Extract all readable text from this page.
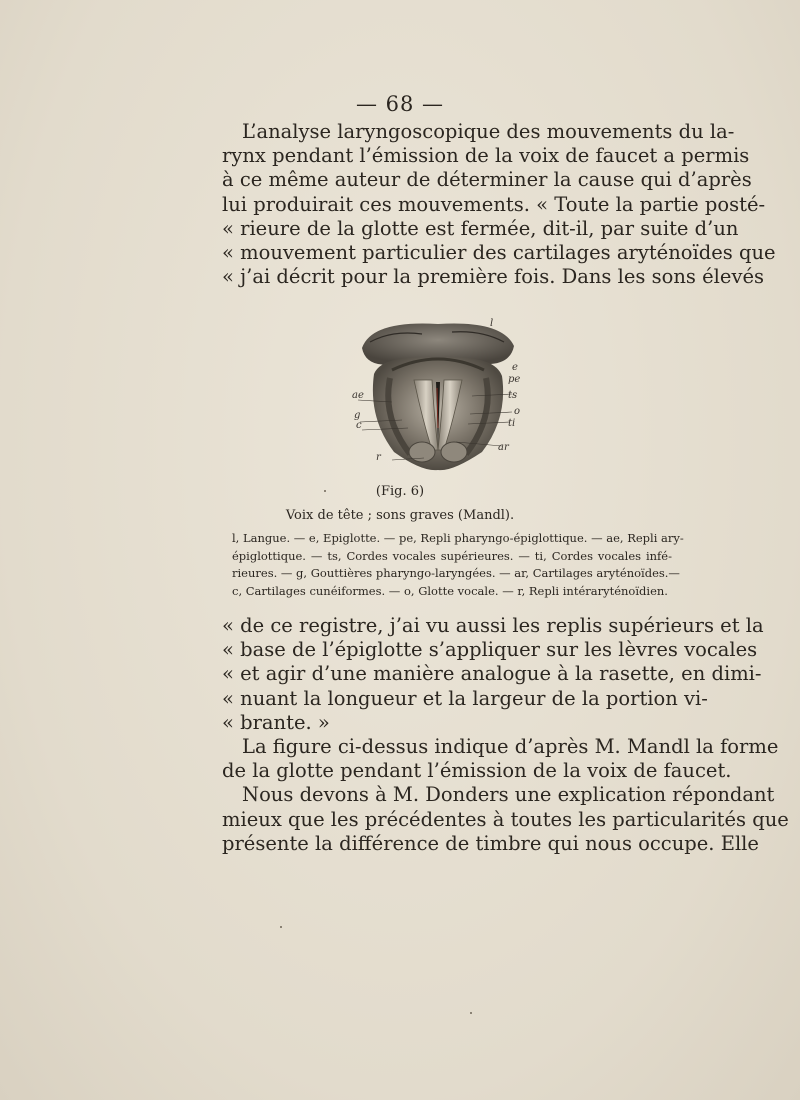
— 68 —
L’analyse laryngoscopique des mouvements du la-
rynx pendant l’émission de la voix de faucet a permis
à ce même auteur de déterminer la cause qui d’après
lui produirait ces mouvements. « Toute la partie posté-
« rieure de la glotte est fermée, dit-il, par suite d’un
« mouvement particulier des cartilages aryténoïdes que
« j’ai décrit pour la première fois. Dans les sons élevés
l
e
pe
ae	ts
g	o
c	ti
ar
r
(Fig. 6)
Voix de tête ; sons graves (Mandl).
l, Langue. — e, Epiglotte. — pe, Repli pharyngo-épiglottique. — ae, Repli ary-
épiglottique. — ts, Cordes vocales supérieures. — ti, Cordes vocales infé-
rieures. — g, Gouttières pharyngo-laryngées. — ar, Cartilages aryténoïdes.—
c, Cartilages cunéiformes. — o, Glotte vocale. — r, Repli intéraryténoïdien.
« de ce registre, j’ai vu aussi les replis supérieurs et la
« base de l’épiglotte s’appliquer sur les lèvres vocales
« et agir d’une manière analogue à la rasette, en dimi-
« nuant la longueur et la largeur de la portion vi-
« brante. »
La figure ci-dessus indique d’après M. Mandl la forme
de la glotte pendant l’émission de la voix de faucet.
Nous devons à M. Donders une explication répondant
mieux que les précédentes à toutes les particularités que
présente la différence de timbre qui nous occupe. Elle
